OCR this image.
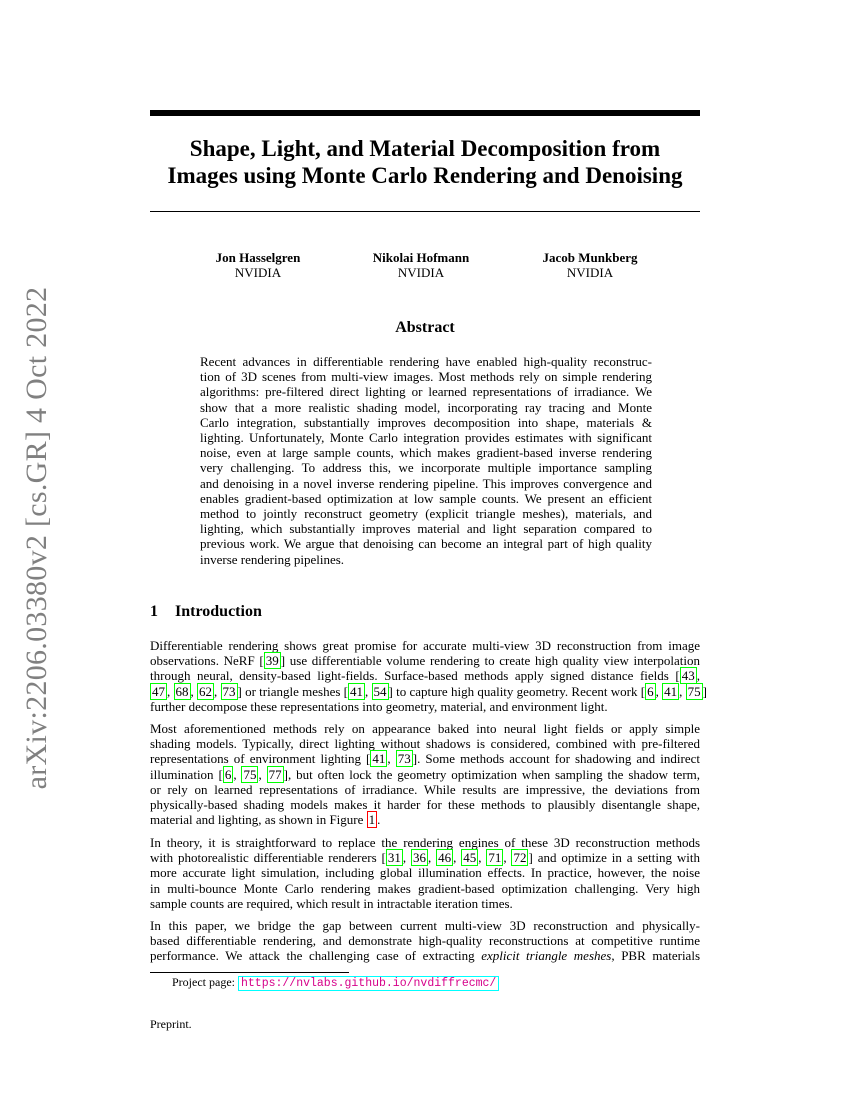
arXiv:2206.03380v2 [cs.GR] 4 Oct 2022
Shape, Light, and Material Decomposition from
Images using Monte Carlo Rendering and Denoising
Jon Hasselgren
NVIDIA
Nikolai Hofmann
NVIDIA
Jacob Munkberg
NVIDIA
Abstract
Recent advances in differentiable rendering have enabled high-quality reconstruc-
tion of 3D scenes from multi-view images. Most methods rely on simple rendering
algorithms: pre-filtered direct lighting or learned representations of irradiance. We
show that a more realistic shading model, incorporating ray tracing and Monte
Carlo integration, substantially improves decomposition into shape, materials &
lighting. Unfortunately, Monte Carlo integration provides estimates with significant
noise, even at large sample counts, which makes gradient-based inverse rendering
very challenging. To address this, we incorporate multiple importance sampling
and denoising in a novel inverse rendering pipeline. This improves convergence and
enables gradient-based optimization at low sample counts. We present an efficient
method to jointly reconstruct geometry (explicit triangle meshes), materials, and
lighting, which substantially improves material and light separation compared to
previous work. We argue that denoising can become an integral part of high quality
inverse rendering pipelines.
1 Introduction
Differentiable rendering shows great promise for accurate multi-view 3D reconstruction from image
observations. NeRF [ 39 ] use differentiable volume rendering to create high quality view interpolation
through neural, density-based light-fields. Surface-based methods apply signed distance fields [ 43 ,
47 , 68 , 62 , 73 ] or triangle meshes [ 41 , 54 ] to capture high quality geometry. Recent work [ 6 , 41 , 75 ]
further decompose these representations into geometry, material, and environment light.
Most aforementioned methods rely on appearance baked into neural light fields or apply simple
shading models. Typically, direct lighting without shadows is considered, combined with pre-filtered
representations of environment lighting [ 41 , 73 ]. Some methods account for shadowing and indirect
illumination [ 6 , 75 , 77 ], but often lock the geometry optimization when sampling the shadow term,
or rely on learned representations of irradiance. While results are impressive, the deviations from
physically-based shading models makes it harder for these methods to plausibly disentangle shape,
material and lighting, as shown in Figure 1 .
In theory, it is straightforward to replace the rendering engines of these 3D reconstruction methods
with photorealistic differentiable renderers [ 31 , 36 , 46 , 45 , 71 , 72 ] and optimize in a setting with
more accurate light simulation, including global illumination effects. In practice, however, the noise
in multi-bounce Monte Carlo rendering makes gradient-based optimization challenging. Very high
sample counts are required, which result in intractable iteration times.
In this paper, we bridge the gap between current multi-view 3D reconstruction and physically-
based differentiable rendering, and demonstrate high-quality reconstructions at competitive runtime
performance. We attack the challenging case of extracting explicit triangle meshes, PBR materials
Project page: https://nvlabs.github.io/nvdiffrecmc/
Preprint.
